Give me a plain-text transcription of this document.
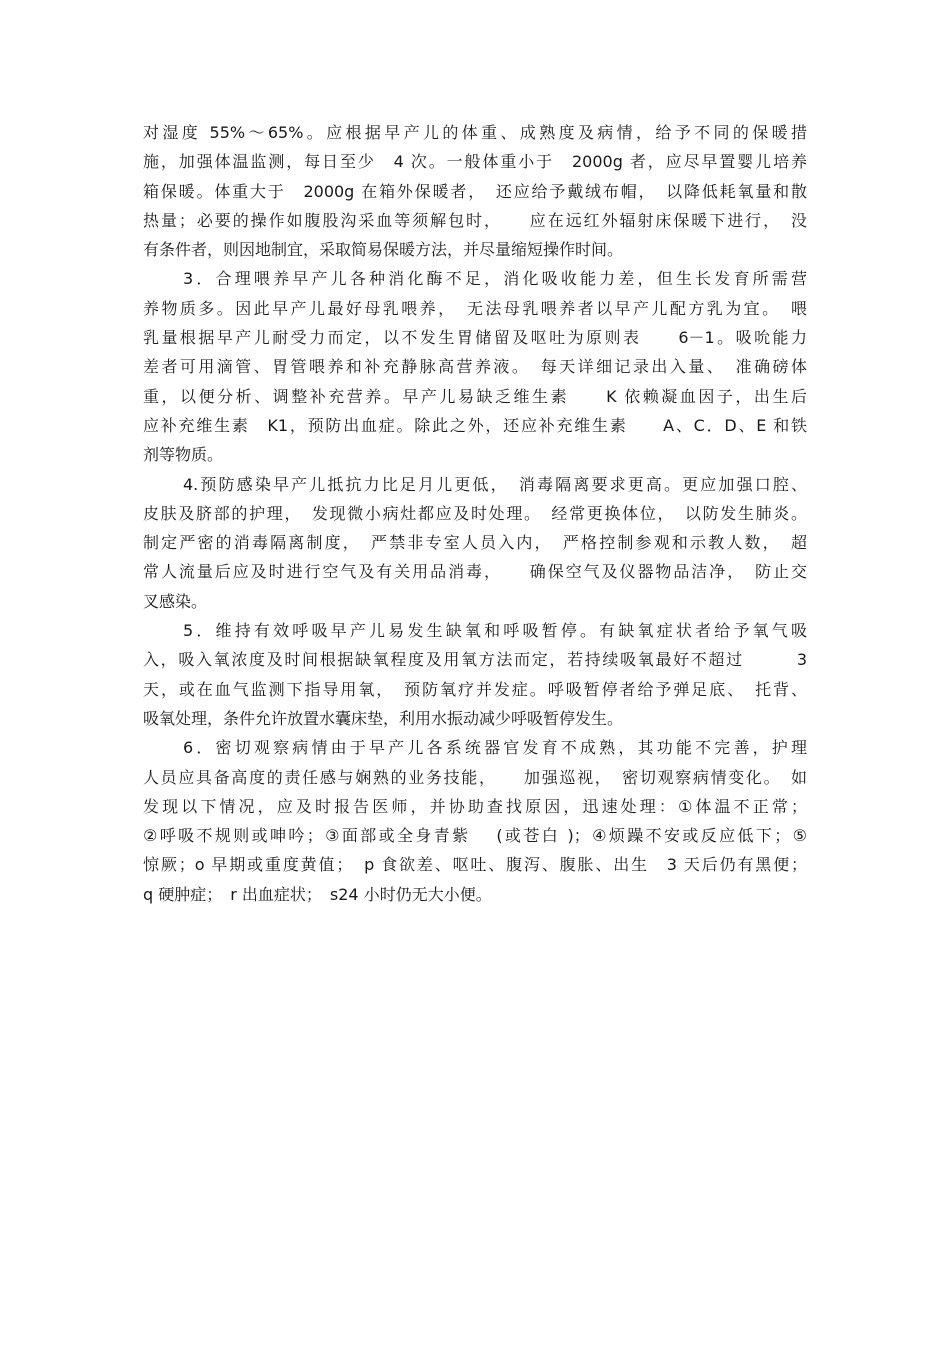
对湿度 55%～65%。应根据早产儿的体重、成熟度及病情，给予不同的保暖措
施，加强体温监测，每日至少　4 次。一般体重小于　2000g 者，应尽早置婴儿培养
箱保暖。体重大于　2000g 在箱外保暖者，　还应给予戴绒布帽，　以降低耗氧量和散
热量；必要的操作如腹股沟采血等须解包时，　　应在远红外辐射床保暖下进行，　没
有条件者，则因地制宜，采取简易保暖方法，并尽量缩短操作时间。
3．合理喂养早产儿各种消化酶不足，消化吸收能力差，但生长发育所需营
养物质多。因此早产儿最好母乳喂养，　无法母乳喂养者以早产儿配方乳为宜。　喂
乳量根据早产儿耐受力而定，以不发生胃储留及呕吐为原则表　　6－1。吸吮能力
差者可用滴管、胃管喂养和补充静脉高营养液。　每天详细记录出入量、　准确磅体
重，以便分析、调整补充营养。早产儿易缺乏维生素　　K 依赖凝血因子，出生后
应补充维生素　K1，预防出血症。除此之外，还应补充维生素　　A、C．D、E 和铁
剂等物质。
4.预防感染早产儿抵抗力比足月儿更低，　消毒隔离要求更高。更应加强口腔、
皮肤及脐部的护理，　发现微小病灶都应及时处理。　经常更换体位，　以防发生肺炎。
制定严密的消毒隔离制度，　严禁非专室人员入内，　严格控制参观和示教人数，　超
常人流量后应及时进行空气及有关用品消毒，　　确保空气及仪器物品洁净，　防止交
叉感染。
5．维持有效呼吸早产儿易发生缺氧和呼吸暂停。有缺氧症状者给予氧气吸
入，吸入氧浓度及时间根据缺氧程度及用氧方法而定，若持续吸氧最好不超过　　　3
天，或在血气监测下指导用氧，　预防氧疗并发症。呼吸暂停者给予弹足底、　托背、
吸氧处理，条件允许放置水囊床垫，利用水振动减少呼吸暂停发生。
6．密切观察病情由于早产儿各系统器官发育不成熟，其功能不完善，护理
人员应具备高度的责任感与娴熟的业务技能，　　加强巡视，　密切观察病情变化。　如
发现以下情况，应及时报告医师，并协助查找原因，迅速处理：①体温不正常；
②呼吸不规则或呻吟；③面部或全身青紫　 (或苍白 )；④烦躁不安或反应低下；⑤
惊厥；o 早期或重度黄值；　p 食欲差、呕吐、腹泻、腹胀、出生　3 天后仍有黑便；
q 硬肿症；　r 出血症状；　s24 小时仍无大小便。
